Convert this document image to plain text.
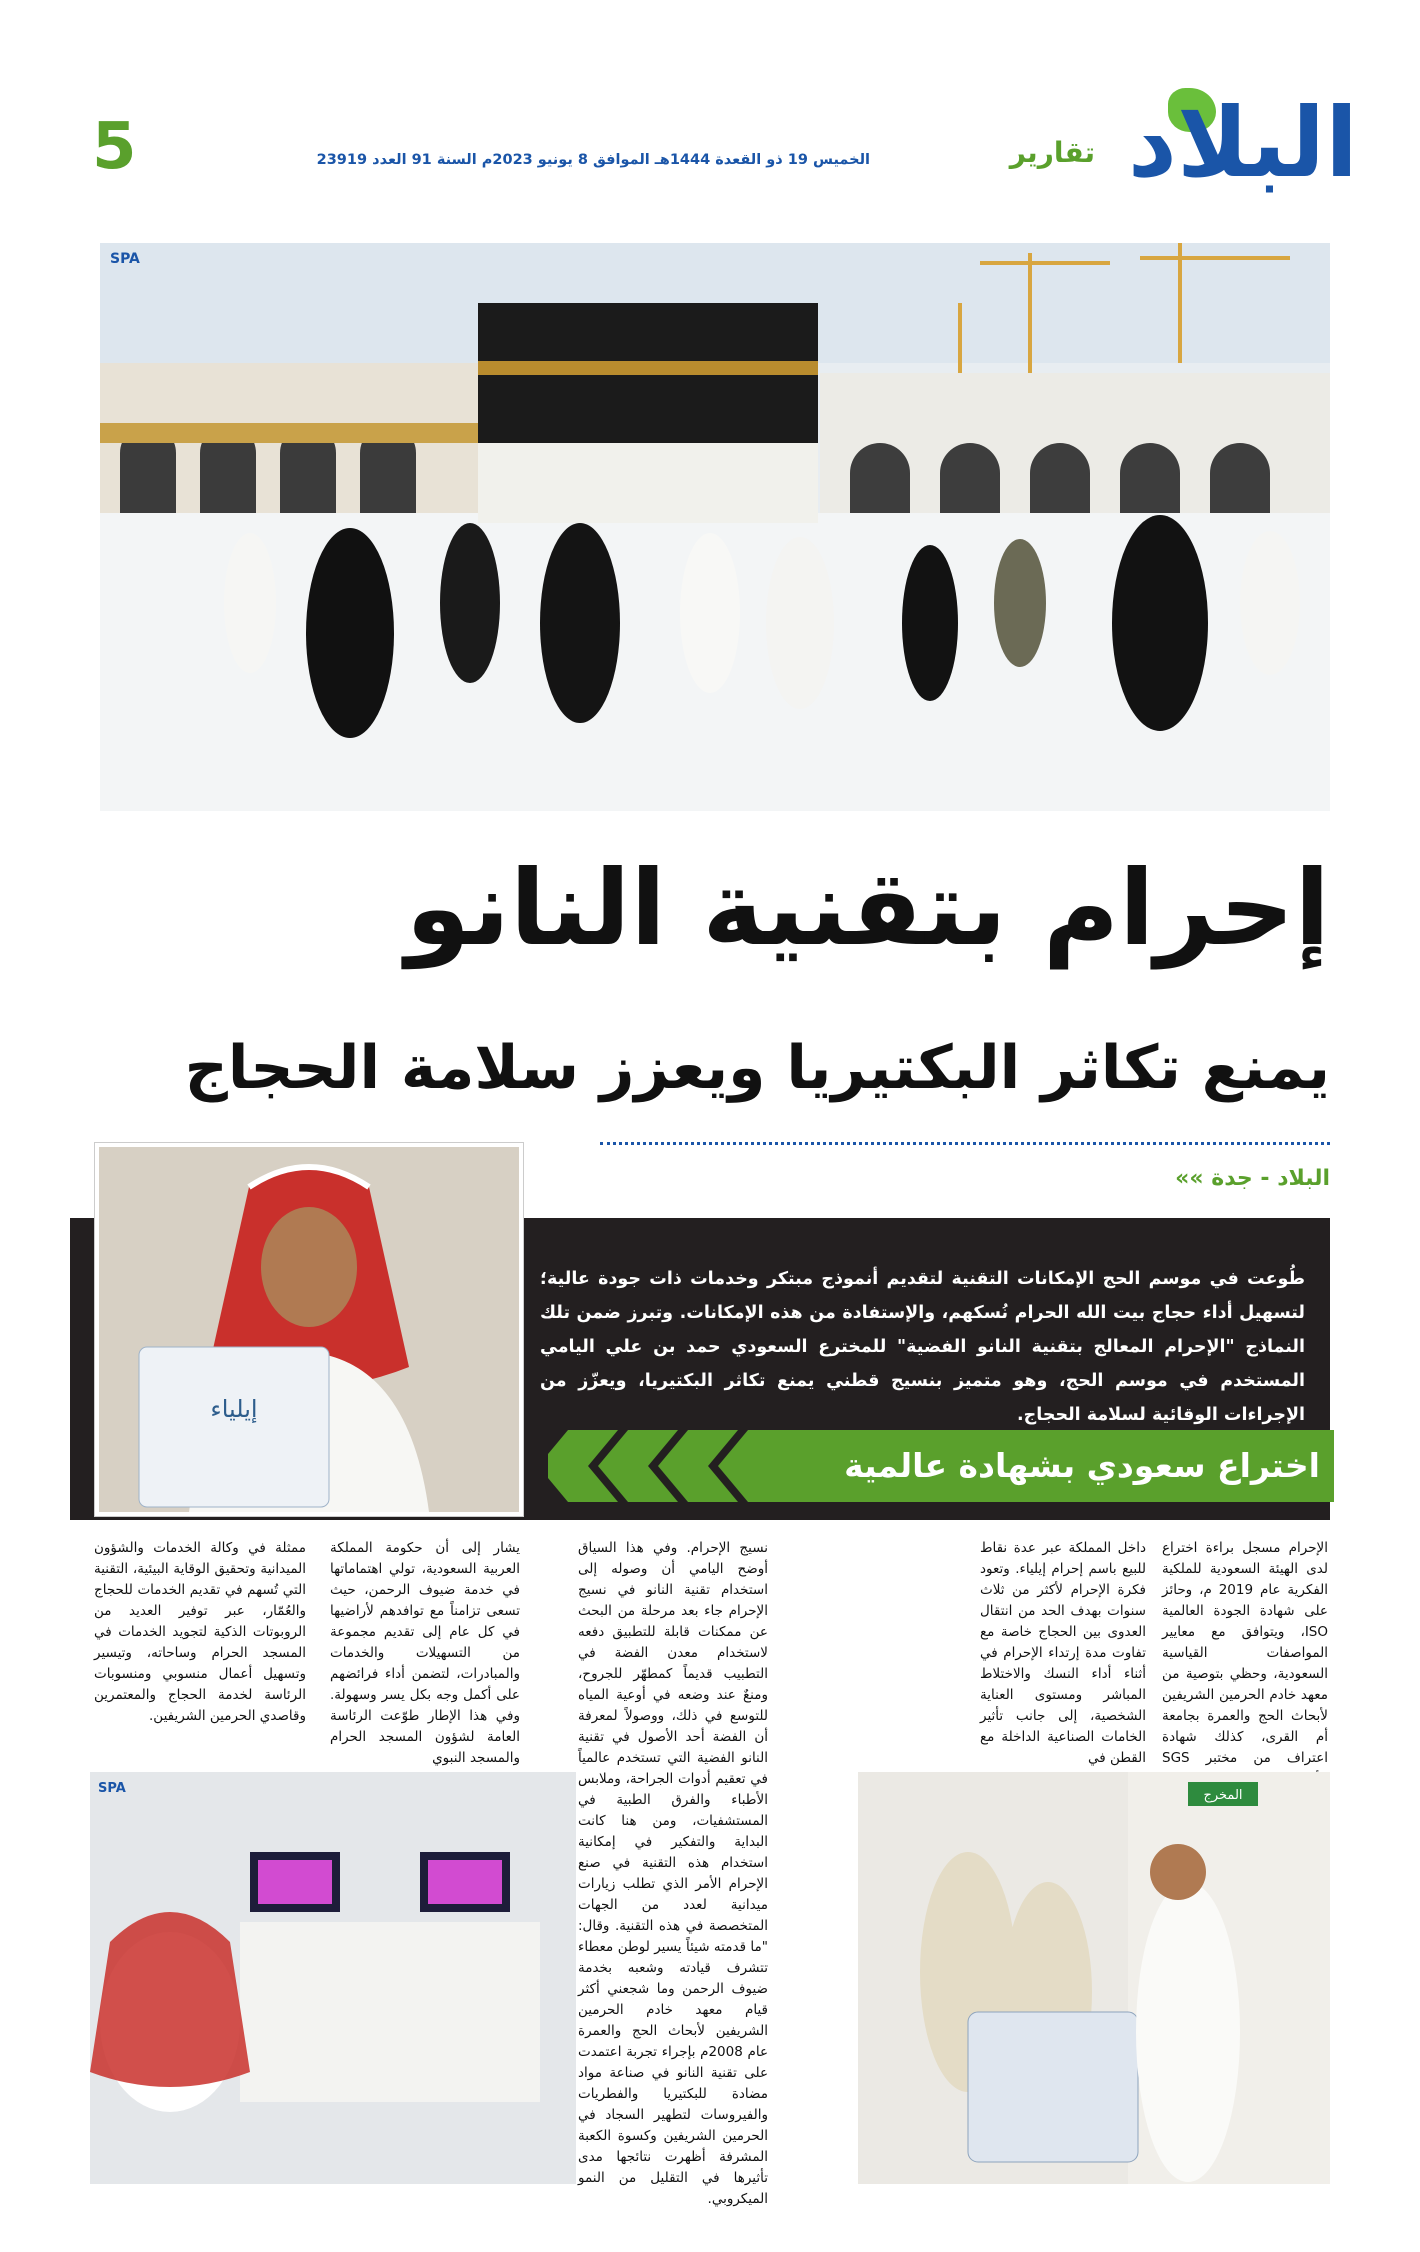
البلاد
تقارير
الخميس 19 ذو القعدة 1444هـ الموافق 8 يونيو 2023م السنة 91 العدد 23919
5
SPA
إحرام بتقنية النانو
يمنع تكاثر البكتيريا ويعزز سلامة الحجاج
البلاد - جدة »»
طُوعت في موسم الحج الإمكانات التقنية لتقديم أنموذج مبتكر وخدمات ذات جودة عالية؛ لتسهيل أداء حجاج بيت الله الحرام نُسكهم، والإستفادة من هذه الإمكانات. وتبرز ضمن تلك النماذج "الإحرام المعالج بتقنية النانو الفضية" للمخترع السعودي حمد بن علي اليامي المستخدم في موسم الحج، وهو متميز بنسيج قطني يمنع تكاثر البكتيريا، ويعزّز من الإجراءات الوقائية لسلامة الحجاج.
اختراع سعودي بشهادة عالمية
إيلياء
الإحرام مسجل براءة اختراع لدى الهيئة السعودية للملكية الفكرية عام 2019 م، وحائز على شهادة الجودة العالمية ISO، ويتوافق مع معايير المواصفات القياسية السعودية، وحظي بتوصية من معهد خادم الحرمين الشريفين لأبحاث الحج والعمرة بجامعة أم القرى، كذلك شهادة اعتراف من مختبر SGS
داخل المملكة عبر عدة نقاط للبيع باسم إحرام إيلياء. وتعود فكرة الإحرام لأكثر من ثلاث سنوات بهدف الحد من انتقال العدوى بين الحجاج خاصة مع تفاوت مدة إرتداء الإحرام في أثناء أداء النسك والاختلاط المباشر ومستوى العناية الشخصية، إلى جانب تأثير الخامات الصناعية الداخلة مع القطن في
نسيج الإحرام. وفي هذا السياق أوضح اليامي أن وصوله إلى استخدام تقنية النانو في نسيج الإحرام جاء بعد مرحلة من البحث عن ممكنات قابلة للتطبيق دفعه لاستخدام معدن الفضة في التطبيب قديماً كمطهّر للجروح، ومنعٌ عند وضعه في أوعية المياه للتوسع في ذلك، ووصولاً لمعرفة أن الفضة أحد الأصول في تقنية النانو الفضية التي تستخدم عالمياً في تعقيم أدوات الجراحة، وملابس الأطباء والفرق الطبية في المستشفيات، ومن هنا كانت البداية والتفكير في إمكانية استخدام هذه التقنية في صنع الإحرام الأمر الذي تطلب زيارات ميدانية لعدد من الجهات المتخصصة في هذه التقنية. وقال: "ما قدمته شيئاً يسير لوطن معطاء تتشرف قيادته وشعبه بخدمة ضيوف الرحمن وما شجعني أكثر قيام معهد خادم الحرمين الشريفين لأبحاث الحج والعمرة عام 2008م بإجراء تجربة اعتمدت على تقنية النانو في صناعة مواد مضادة للبكتيريا والفطريات والفيروسات لتطهير السجاد في الحرمين الشريفين وكسوة الكعبة المشرفة أظهرت نتائجها مدى تأثيرها في التقليل من النمو الميكروبي.
يشار إلى أن حكومة المملكة العربية السعودية، تولي اهتماماتها في خدمة ضيوف الرحمن، حيث تسعى تزامناً مع توافدهم لأراضيها في كل عام إلى تقديم مجموعة من التسهيلات والخدمات والمبادرات، لتضمن أداء فرائضهم على أكمل وجه بكل يسر وسهولة. وفي هذا الإطار طوّعت الرئاسة العامة لشؤون المسجد الحرام والمسجد النبوي
ممثلة في وكالة الخدمات والشؤون الميدانية وتحقيق الوقاية البيئية، التقنية التي تُسهم في تقديم الخدمات للحجاج والعُمّار، عبر توفير العديد من الروبوتات الذكية لتجويد الخدمات في المسجد الحرام وساحاته، وتيسير وتسهيل أعمال منسوبي ومنسوبات الرئاسة لخدمة الحجاج والمعتمرين وقاصدي الحرمين الشريفين.
SPA	المخرج
